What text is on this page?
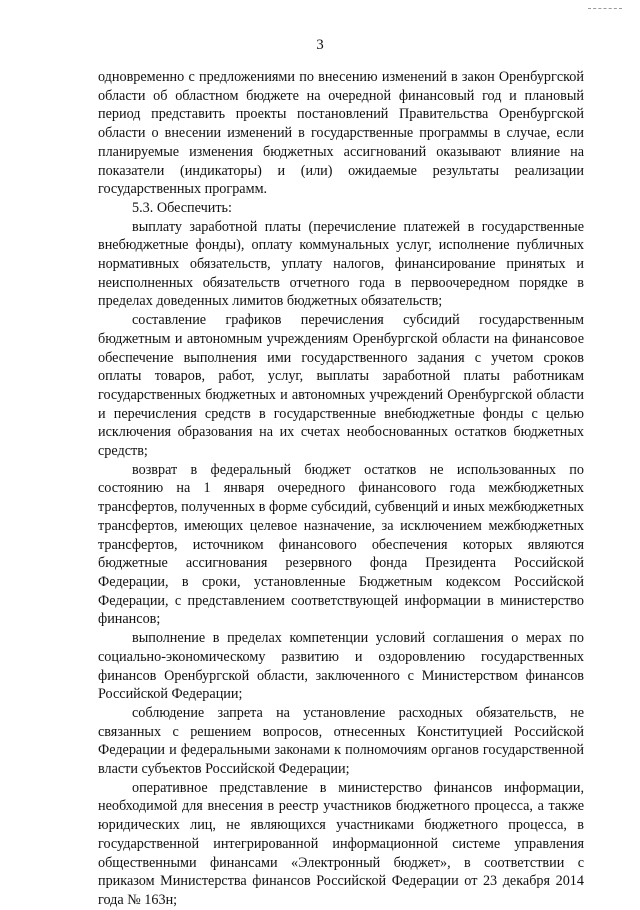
3

одновременно с предложениями по внесению изменений в закон Оренбургской области об областном бюджете на очередной финансовый год и плановый период представить проекты постановлений Правительства Оренбургской области о внесении изменений в государственные программы в случае, если планируемые изменения бюджетных ассигнований оказывают влияние на показатели (индикаторы) и (или) ожидаемые результаты реализации государственных программ.

5.3. Обеспечить:

выплату заработной платы (перечисление платежей в государственные внебюджетные фонды), оплату коммунальных услуг, исполнение публичных нормативных обязательств, уплату налогов, финансирование принятых и неисполненных обязательств отчетного года в первоочередном порядке в пределах доведенных лимитов бюджетных обязательств;

составление графиков перечисления субсидий государственным бюджетным и автономным учреждениям Оренбургской области на финансовое обеспечение выполнения ими государственного задания с учетом сроков оплаты товаров, работ, услуг, выплаты заработной платы работникам государственных бюджетных и автономных учреждений Оренбургской области и перечисления средств в государственные внебюджетные фонды с целью исключения образования на их счетах необоснованных остатков бюджетных средств;

возврат в федеральный бюджет остатков не использованных по состоянию на 1 января очередного финансового года межбюджетных трансфертов, полученных в форме субсидий, субвенций и иных межбюджетных трансфертов, имеющих целевое назначение, за исключением межбюджетных трансфертов, источником финансового обеспечения которых являются бюджетные ассигнования резервного фонда Президента Российской Федерации, в сроки, установленные Бюджетным кодексом Российской Федерации, с представлением соответствующей информации в министерство финансов;

выполнение в пределах компетенции условий соглашения о мерах по социально-экономическому развитию и оздоровлению государственных финансов Оренбургской области, заключенного с Министерством финансов Российской Федерации;

соблюдение запрета на установление расходных обязательств, не связанных с решением вопросов, отнесенных Конституцией Российской Федерации и федеральными законами к полномочиям органов государственной власти субъектов Российской Федерации;

оперативное представление в министерство финансов информации, необходимой для внесения в реестр участников бюджетного процесса, а также юридических лиц, не являющихся участниками бюджетного процесса, в государственной интегрированной информационной системе управления общественными финансами «Электронный бюджет», в соответствии с приказом Министерства финансов Российской Федерации от 23 декабря 2014 года № 163н;
